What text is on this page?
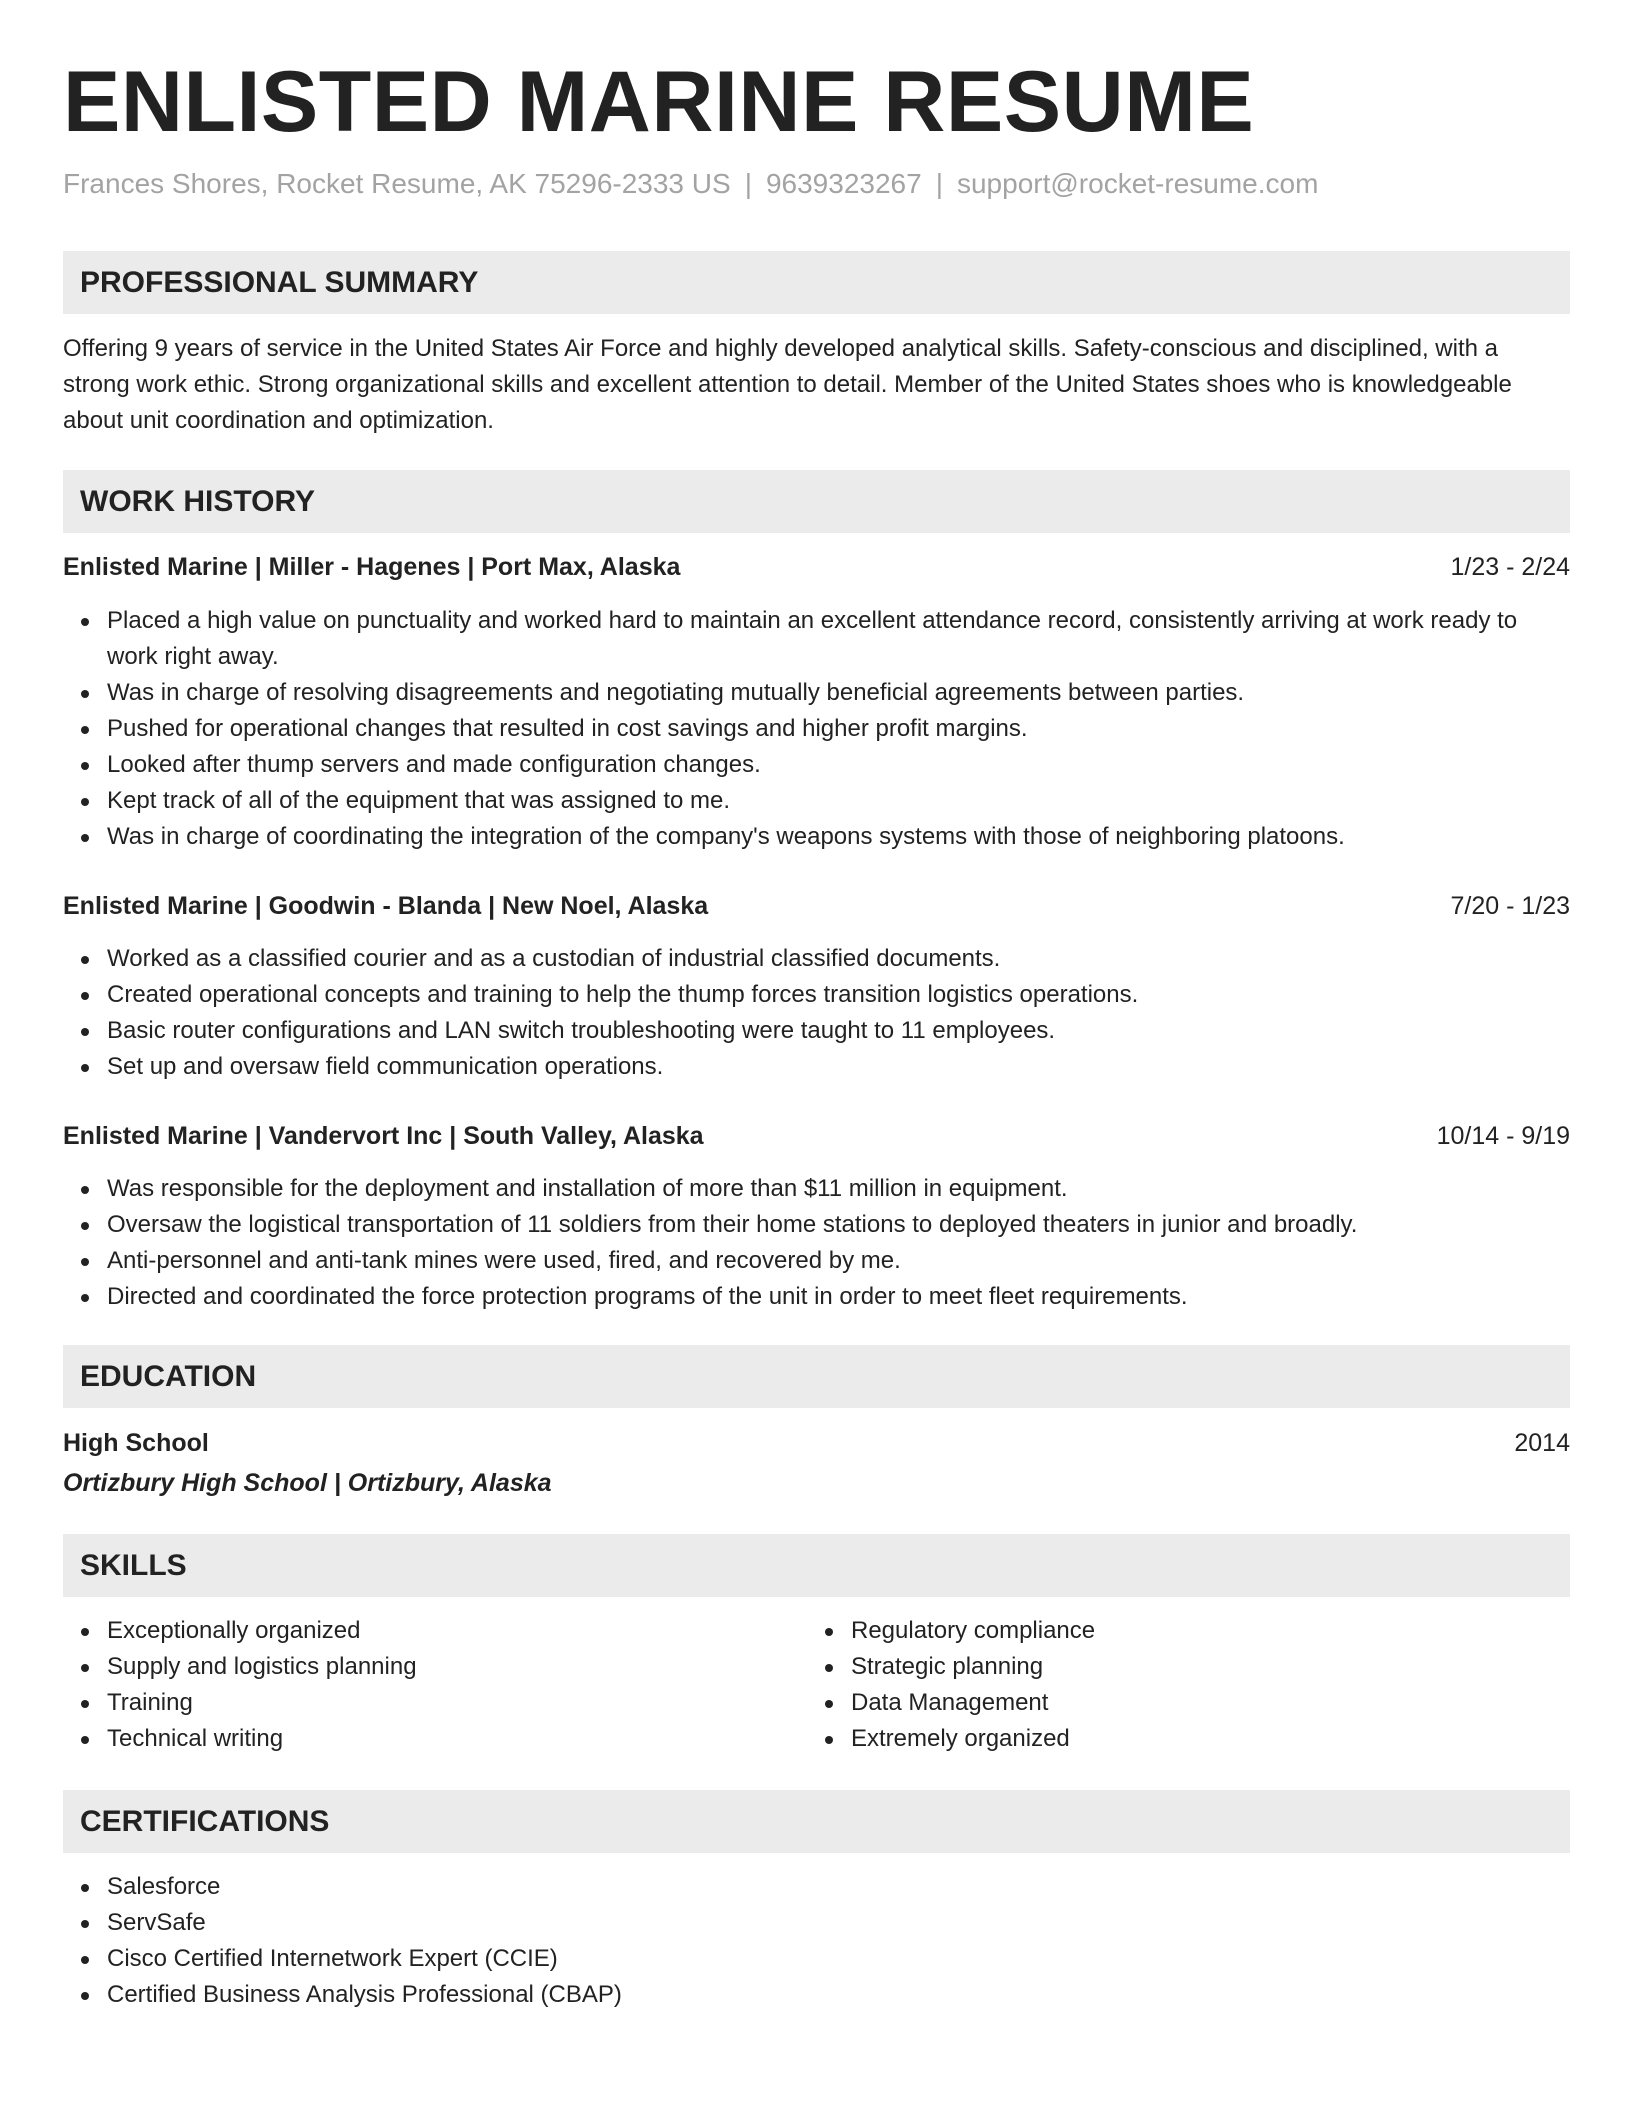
ENLISTED MARINE RESUME
Frances Shores, Rocket Resume, AK 75296-2333 US | 9639323267 | support@rocket-resume.com
PROFESSIONAL SUMMARY

Offering 9 years of service in the United States Air Force and highly developed analytical skills. Safety-conscious and disciplined, with a strong work ethic. Strong organizational skills and excellent attention to detail. Member of the United States shoes who is knowledgeable about unit coordination and optimization.

WORK HISTORY
Enlisted Marine | Miller - Hagenes | Port Max, Alaska	1/23 - 2/24
Placed a high value on punctuality and worked hard to maintain an excellent attendance record, consistently arriving at work ready to work right away.
Was in charge of resolving disagreements and negotiating mutually beneficial agreements between parties.
Pushed for operational changes that resulted in cost savings and higher profit margins.
Looked after thump servers and made configuration changes.
Kept track of all of the equipment that was assigned to me.
Was in charge of coordinating the integration of the company's weapons systems with those of neighboring platoons.
Enlisted Marine | Goodwin - Blanda | New Noel, Alaska	7/20 - 1/23
Worked as a classified courier and as a custodian of industrial classified documents.
Created operational concepts and training to help the thump forces transition logistics operations.
Basic router configurations and LAN switch troubleshooting were taught to 11 employees.
Set up and oversaw field communication operations.
Enlisted Marine | Vandervort Inc | South Valley, Alaska	10/14 - 9/19
Was responsible for the deployment and installation of more than $11 million in equipment.
Oversaw the logistical transportation of 11 soldiers from their home stations to deployed theaters in junior and broadly.
Anti-personnel and anti-tank mines were used, fired, and recovered by me.
Directed and coordinated the force protection programs of the unit in order to meet fleet requirements.
EDUCATION
High School	2014
Ortizbury High School | Ortizbury, Alaska
SKILLS
Exceptionally organized
Supply and logistics planning
Training
Technical writing
Regulatory compliance
Strategic planning
Data Management
Extremely organized
CERTIFICATIONS
Salesforce
ServSafe
Cisco Certified Internetwork Expert (CCIE)
Certified Business Analysis Professional (CBAP)
